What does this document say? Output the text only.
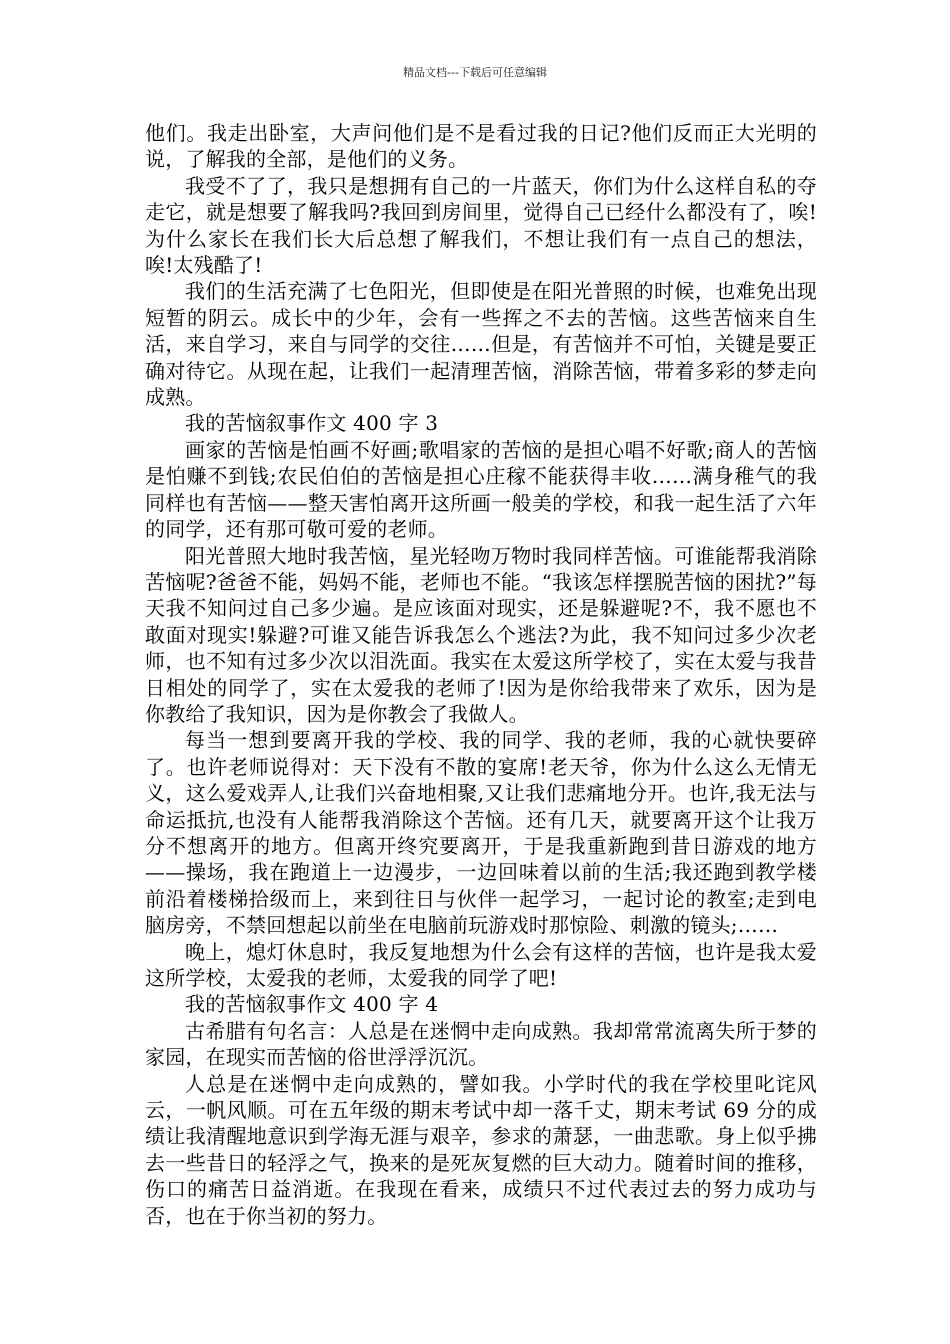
精品文档---下载后可任意编辑

他们。我走出卧室，大声问他们是不是看过我的日记?他们反而正大光明的说，了解我的全部，是他们的义务。

我受不了了，我只是想拥有自己的一片蓝天，你们为什么这样自私的夺走它，就是想要了解我吗?我回到房间里，觉得自己已经什么都没有了，唉!为什么家长在我们长大后总想了解我们，不想让我们有一点自己的想法，唉!太残酷了!

我们的生活充满了七色阳光，但即使是在阳光普照的时候，也难免出现短暂的阴云。成长中的少年，会有一些挥之不去的苦恼。这些苦恼来自生活，来自学习，来自与同学的交往……但是，有苦恼并不可怕，关键是要正确对待它。从现在起，让我们一起清理苦恼，消除苦恼，带着多彩的梦走向成熟。

我的苦恼叙事作文 400 字 3

画家的苦恼是怕画不好画;歌唱家的苦恼的是担心唱不好歌;商人的苦恼是怕赚不到钱;农民伯伯的苦恼是担心庄稼不能获得丰收……满身稚气的我同样也有苦恼——整天害怕离开这所画一般美的学校，和我一起生活了六年的同学，还有那可敬可爱的老师。

阳光普照大地时我苦恼，星光轻吻万物时我同样苦恼。可谁能帮我消除苦恼呢?爸爸不能，妈妈不能，老师也不能。“我该怎样摆脱苦恼的困扰?”每天我不知问过自己多少遍。是应该面对现实，还是躲避呢?不，我不愿也不敢面对现实!躲避?可谁又能告诉我怎么个逃法?为此，我不知问过多少次老师，也不知有过多少次以泪洗面。我实在太爱这所学校了，实在太爱与我昔日相处的同学了，实在太爱我的老师了!因为是你给我带来了欢乐，因为是你教给了我知识，因为是你教会了我做人。

每当一想到要离开我的学校、我的同学、我的老师，我的心就快要碎了。也许老师说得对：天下没有不散的宴席!老天爷，你为什么这么无情无义，这么爱戏弄人,让我们兴奋地相聚,又让我们悲痛地分开。也许,我无法与命运抵抗,也没有人能帮我消除这个苦恼。还有几天，就要离开这个让我万分不想离开的地方。但离开终究要离开，于是我重新跑到昔日游戏的地方——操场，我在跑道上一边漫步，一边回味着以前的生活;我还跑到教学楼前沿着楼梯拾级而上，来到往日与伙伴一起学习，一起讨论的教室;走到电脑房旁，不禁回想起以前坐在电脑前玩游戏时那惊险、刺激的镜头;……

晚上，熄灯休息时，我反复地想为什么会有这样的苦恼，也许是我太爱这所学校，太爱我的老师，太爱我的同学了吧!

我的苦恼叙事作文 400 字 4

古希腊有句名言：人总是在迷惘中走向成熟。我却常常流离失所于梦的家园，在现实而苦恼的俗世浮浮沉沉。

人总是在迷惘中走向成熟的，譬如我。小学时代的我在学校里叱诧风云，一帆风顺。可在五年级的期末考试中却一落千丈，期末考试 69 分的成绩让我清醒地意识到学海无涯与艰辛，参求的萧瑟，一曲悲歌。身上似乎拂去一些昔日的轻浮之气，换来的是死灰复燃的巨大动力。随着时间的推移，伤口的痛苦日益消逝。在我现在看来，成绩只不过代表过去的努力成功与否，也在于你当初的努力。
